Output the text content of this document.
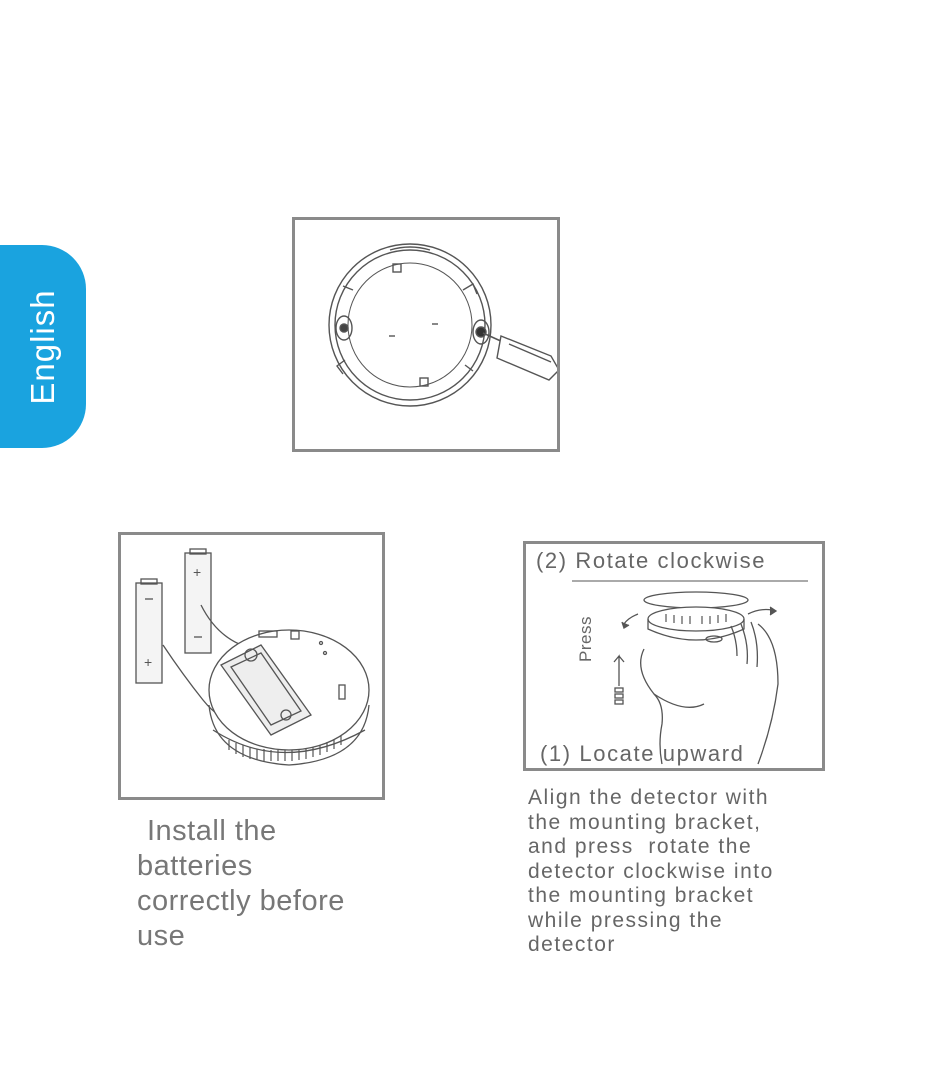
English
+
+	(2) Rotate clockwise
Press
(1) Locate upward
Install the
batteries
correctly before
use
Align the detector with
the mounting bracket,
and press  rotate the
detector clockwise into
the mounting bracket
while pressing the
detector
